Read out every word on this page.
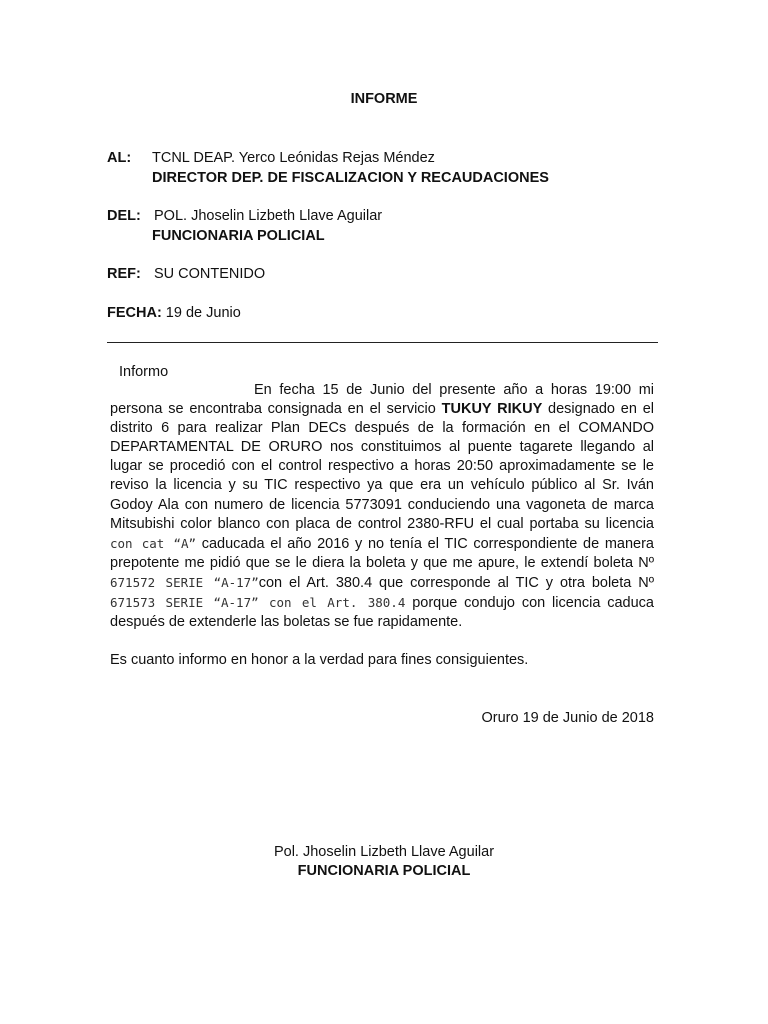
INFORME
AL: TCNL DEAP. Yerco Leónidas Rejas Méndez
DIRECTOR DEP. DE FISCALIZACION Y RECAUDACIONES
DEL: POL. Jhoselin Lizbeth Llave Aguilar
FUNCIONARIA POLICIAL
REF: SU CONTENIDO
FECHA: 19 de Junio
Informo
En fecha 15 de Junio del presente año a horas 19:00 mi persona se encontraba consignada en el servicio TUKUY RIKUY designado en el distrito 6 para realizar Plan DECs después de la formación en el COMANDO DEPARTAMENTAL DE ORURO nos constituimos al puente tagarete llegando al lugar se procedió con el control respectivo a horas 20:50 aproximadamente se le reviso la licencia y su TIC respectivo ya que era un vehículo público al Sr. Iván Godoy Ala con numero de licencia 5773091 conduciendo una vagoneta de marca Mitsubishi color blanco con placa de control 2380-RFU el cual portaba su licencia con cat “A” caducada el año 2016 y no tenía el TIC correspondiente de manera prepotente me pidió que se le diera la boleta y que me apure, le extendí boleta Nº 671572 SERIE “A-17”con el Art. 380.4 que corresponde al TIC y otra boleta Nº 671573 SERIE “A-17” con el Art. 380.4 porque condujo con licencia caduca después de extenderle las boletas se fue rapidamente.
Es cuanto informo en honor a la verdad para fines consiguientes.
Oruro 19 de Junio de 2018
Pol. Jhoselin Lizbeth Llave Aguilar
FUNCIONARIA POLICIAL
